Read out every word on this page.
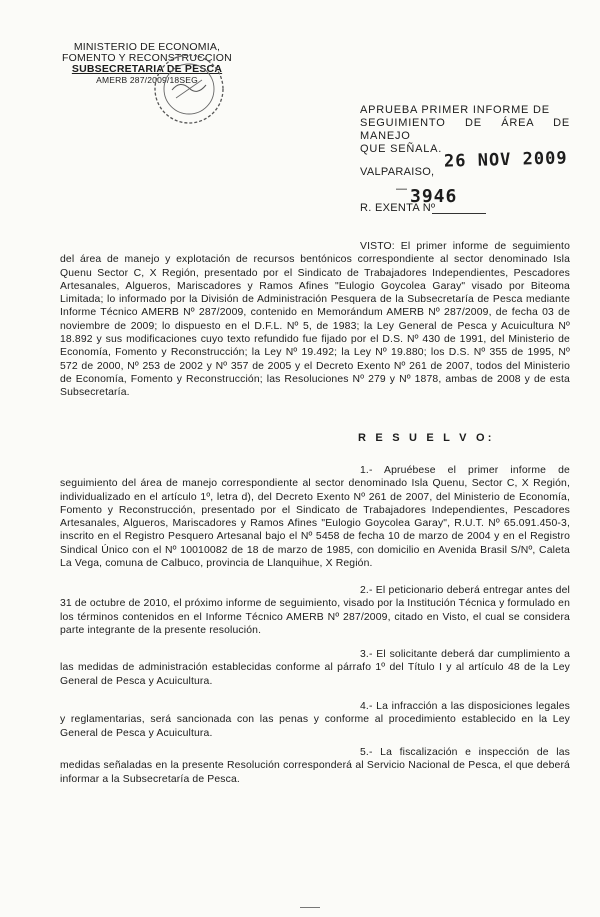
MINISTERIO DE ECONOMIA,
FOMENTO Y RECONSTRUCCION
SUBSECRETARIA DE PESCA
AMERB 287/2009/18SEG
APRUEBA PRIMER INFORME DE
SEGUIMIENTO DE ÁREA DE MANEJO
QUE SEÑALA. 26 NOV 2009
VALPARAISO,
— 3946
R. EXENTA Nº
VISTO: El primer informe de seguimiento del área de manejo y explotación de recursos bentónicos correspondiente al sector denominado Isla Quenu Sector C, X Región, presentado por el Sindicato de Trabajadores Independientes, Pescadores Artesanales, Algueros, Mariscadores y Ramos Afines "Eulogio Goycolea Garay" visado por Biteoma Limitada; lo informado por la División de Administración Pesquera de la Subsecretaría de Pesca mediante Informe Técnico AMERB Nº 287/2009, contenido en Memorándum AMERB Nº 287/2009, de fecha 03 de noviembre de 2009; lo dispuesto en el D.F.L. Nº 5, de 1983; la Ley General de Pesca y Acuicultura Nº 18.892 y sus modificaciones cuyo texto refundido fue fijado por el D.S. Nº 430 de 1991, del Ministerio de Economía, Fomento y Reconstrucción; la Ley Nº 19.492; la Ley Nº 19.880; los D.S. Nº 355 de 1995, Nº 572 de 2000, Nº 253 de 2002 y Nº 357 de 2005 y el Decreto Exento Nº 261 de 2007, todos del Ministerio de Economía, Fomento y Reconstrucción; las Resoluciones Nº 279 y Nº 1878, ambas de 2008 y de esta Subsecretaría.
R E S U E L V O:
1.- Apruébese el primer informe de seguimiento del área de manejo correspondiente al sector denominado Isla Quenu, Sector C, X Región, individualizado en el artículo 1º, letra d), del Decreto Exento Nº 261 de 2007, del Ministerio de Economía, Fomento y Reconstrucción, presentado por el Sindicato de Trabajadores Independientes, Pescadores Artesanales, Algueros, Mariscadores y Ramos Afines "Eulogio Goycolea Garay", R.U.T. Nº 65.091.450-3, inscrito en el Registro Pesquero Artesanal bajo el Nº 5458 de fecha 10 de marzo de 2004 y en el Registro Sindical Único con el Nº 10010082 de 18 de marzo de 1985, con domicilio en Avenida Brasil S/Nº, Caleta La Vega, comuna de Calbuco, provincia de Llanquihue, X Región.
2.- El peticionario deberá entregar antes del 31 de octubre de 2010, el próximo informe de seguimiento, visado por la Institución Técnica y formulado en los términos contenidos en el Informe Técnico AMERB Nº 287/2009, citado en Visto, el cual se considera parte integrante de la presente resolución.
3.- El solicitante deberá dar cumplimiento a las medidas de administración establecidas conforme al párrafo 1º del Título I y al artículo 48 de la Ley General de Pesca y Acuicultura.
4.- La infracción a las disposiciones legales y reglamentarias, será sancionada con las penas y conforme al procedimiento establecido en la Ley General de Pesca y Acuicultura.
5.- La fiscalización e inspección de las medidas señaladas en la presente Resolución corresponderá al Servicio Nacional de Pesca, el que deberá informar a la Subsecretaría de Pesca.
